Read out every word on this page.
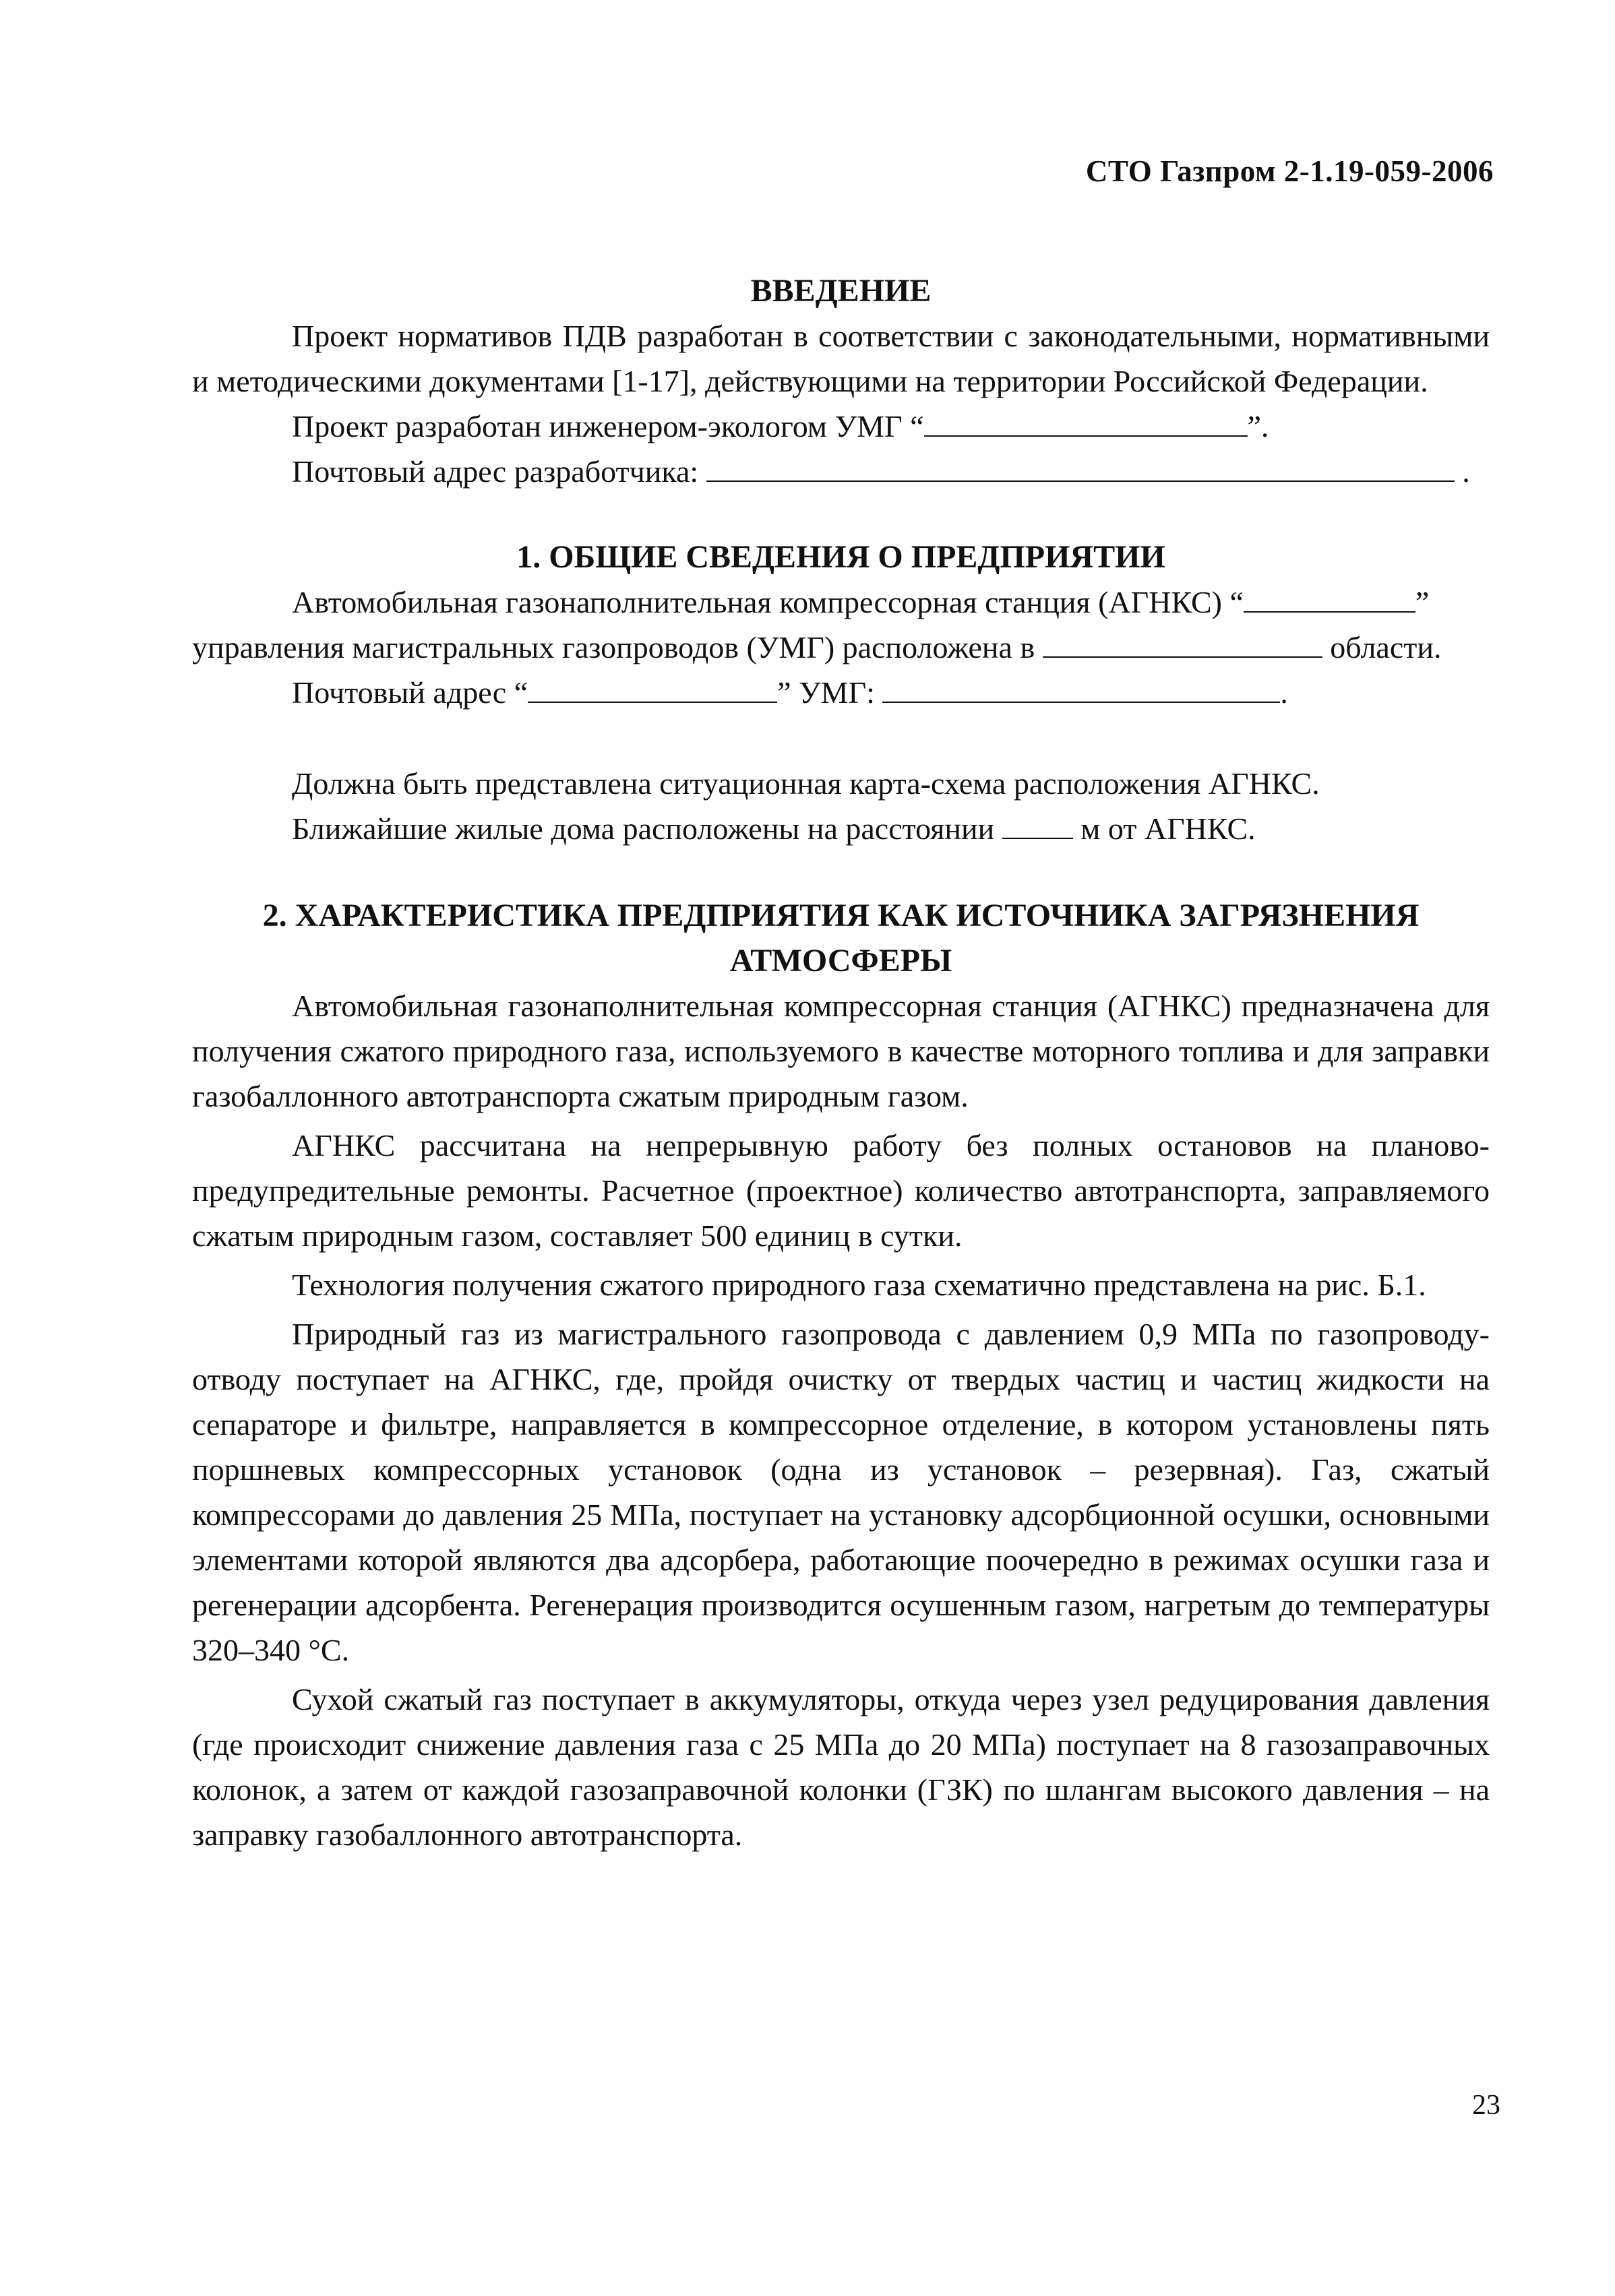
СТО Газпром 2-1.19-059-2006
ВВЕДЕНИЕ

Проект нормативов ПДВ разработан в соответствии с законодательными, нормативными и методическими документами [1-17], действующими на территории Российской Федерации.

Проект разработан инженером-экологом УМГ “	”.
Почтовый адрес разработчика:	.
1. ОБЩИЕ СВЕДЕНИЯ О ПРЕДПРИЯТИИ
Автомобильная газонаполнительная компрессорная станция (АГНКС) “	”
управления магистральных газопроводов (УМГ) расположена в	области.
Почтовый адрес “	” УМГ:	.
Должна быть представлена ситуационная карта-схема расположения АГНКС.
Ближайшие жилые дома расположены на расстоянии	м от АГНКС.
2. ХАРАКТЕРИСТИКА ПРЕДПРИЯТИЯ КАК ИСТОЧНИКА ЗАГРЯЗНЕНИЯ
АТМОСФЕРЫ

Автомобильная газонаполнительная компрессорная станция (АГНКС) предназначена для получения сжатого природного газа, используемого в качестве моторного топлива и для заправки газобаллонного автотранспорта сжатым природным газом.

АГНКС рассчитана на непрерывную работу без полных остановов на планово-предупредительные ремонты. Расчетное (проектное) количество автотранспорта, заправляемого сжатым природным газом, составляет 500 единиц в сутки.

Технология получения сжатого природного газа схематично представлена на рис. Б.1.

Природный газ из магистрального газопровода с давлением 0,9 МПа по газопроводу-отводу поступает на АГНКС, где, пройдя очистку от твердых частиц и частиц жидкости на сепараторе и фильтре, направляется в компрессорное отделение, в котором установлены пять поршневых компрессорных установок (одна из установок – резервная). Газ, сжатый компрессорами до давления 25 МПа, поступает на установку адсорбционной осушки, основными элементами которой являются два адсорбера, работающие поочередно в режимах осушки газа и регенерации адсорбента. Регенерация производится осушенным газом, нагретым до температуры 320–340 °С.

Сухой сжатый газ поступает в аккумуляторы, откуда через узел редуцирования давления (где происходит снижение давления газа с 25 МПа до 20 МПа) поступает на 8 газозаправочных колонок, а затем от каждой газозаправочной колонки (ГЗК) по шлангам высокого давления – на заправку газобаллонного автотранспорта.

23
